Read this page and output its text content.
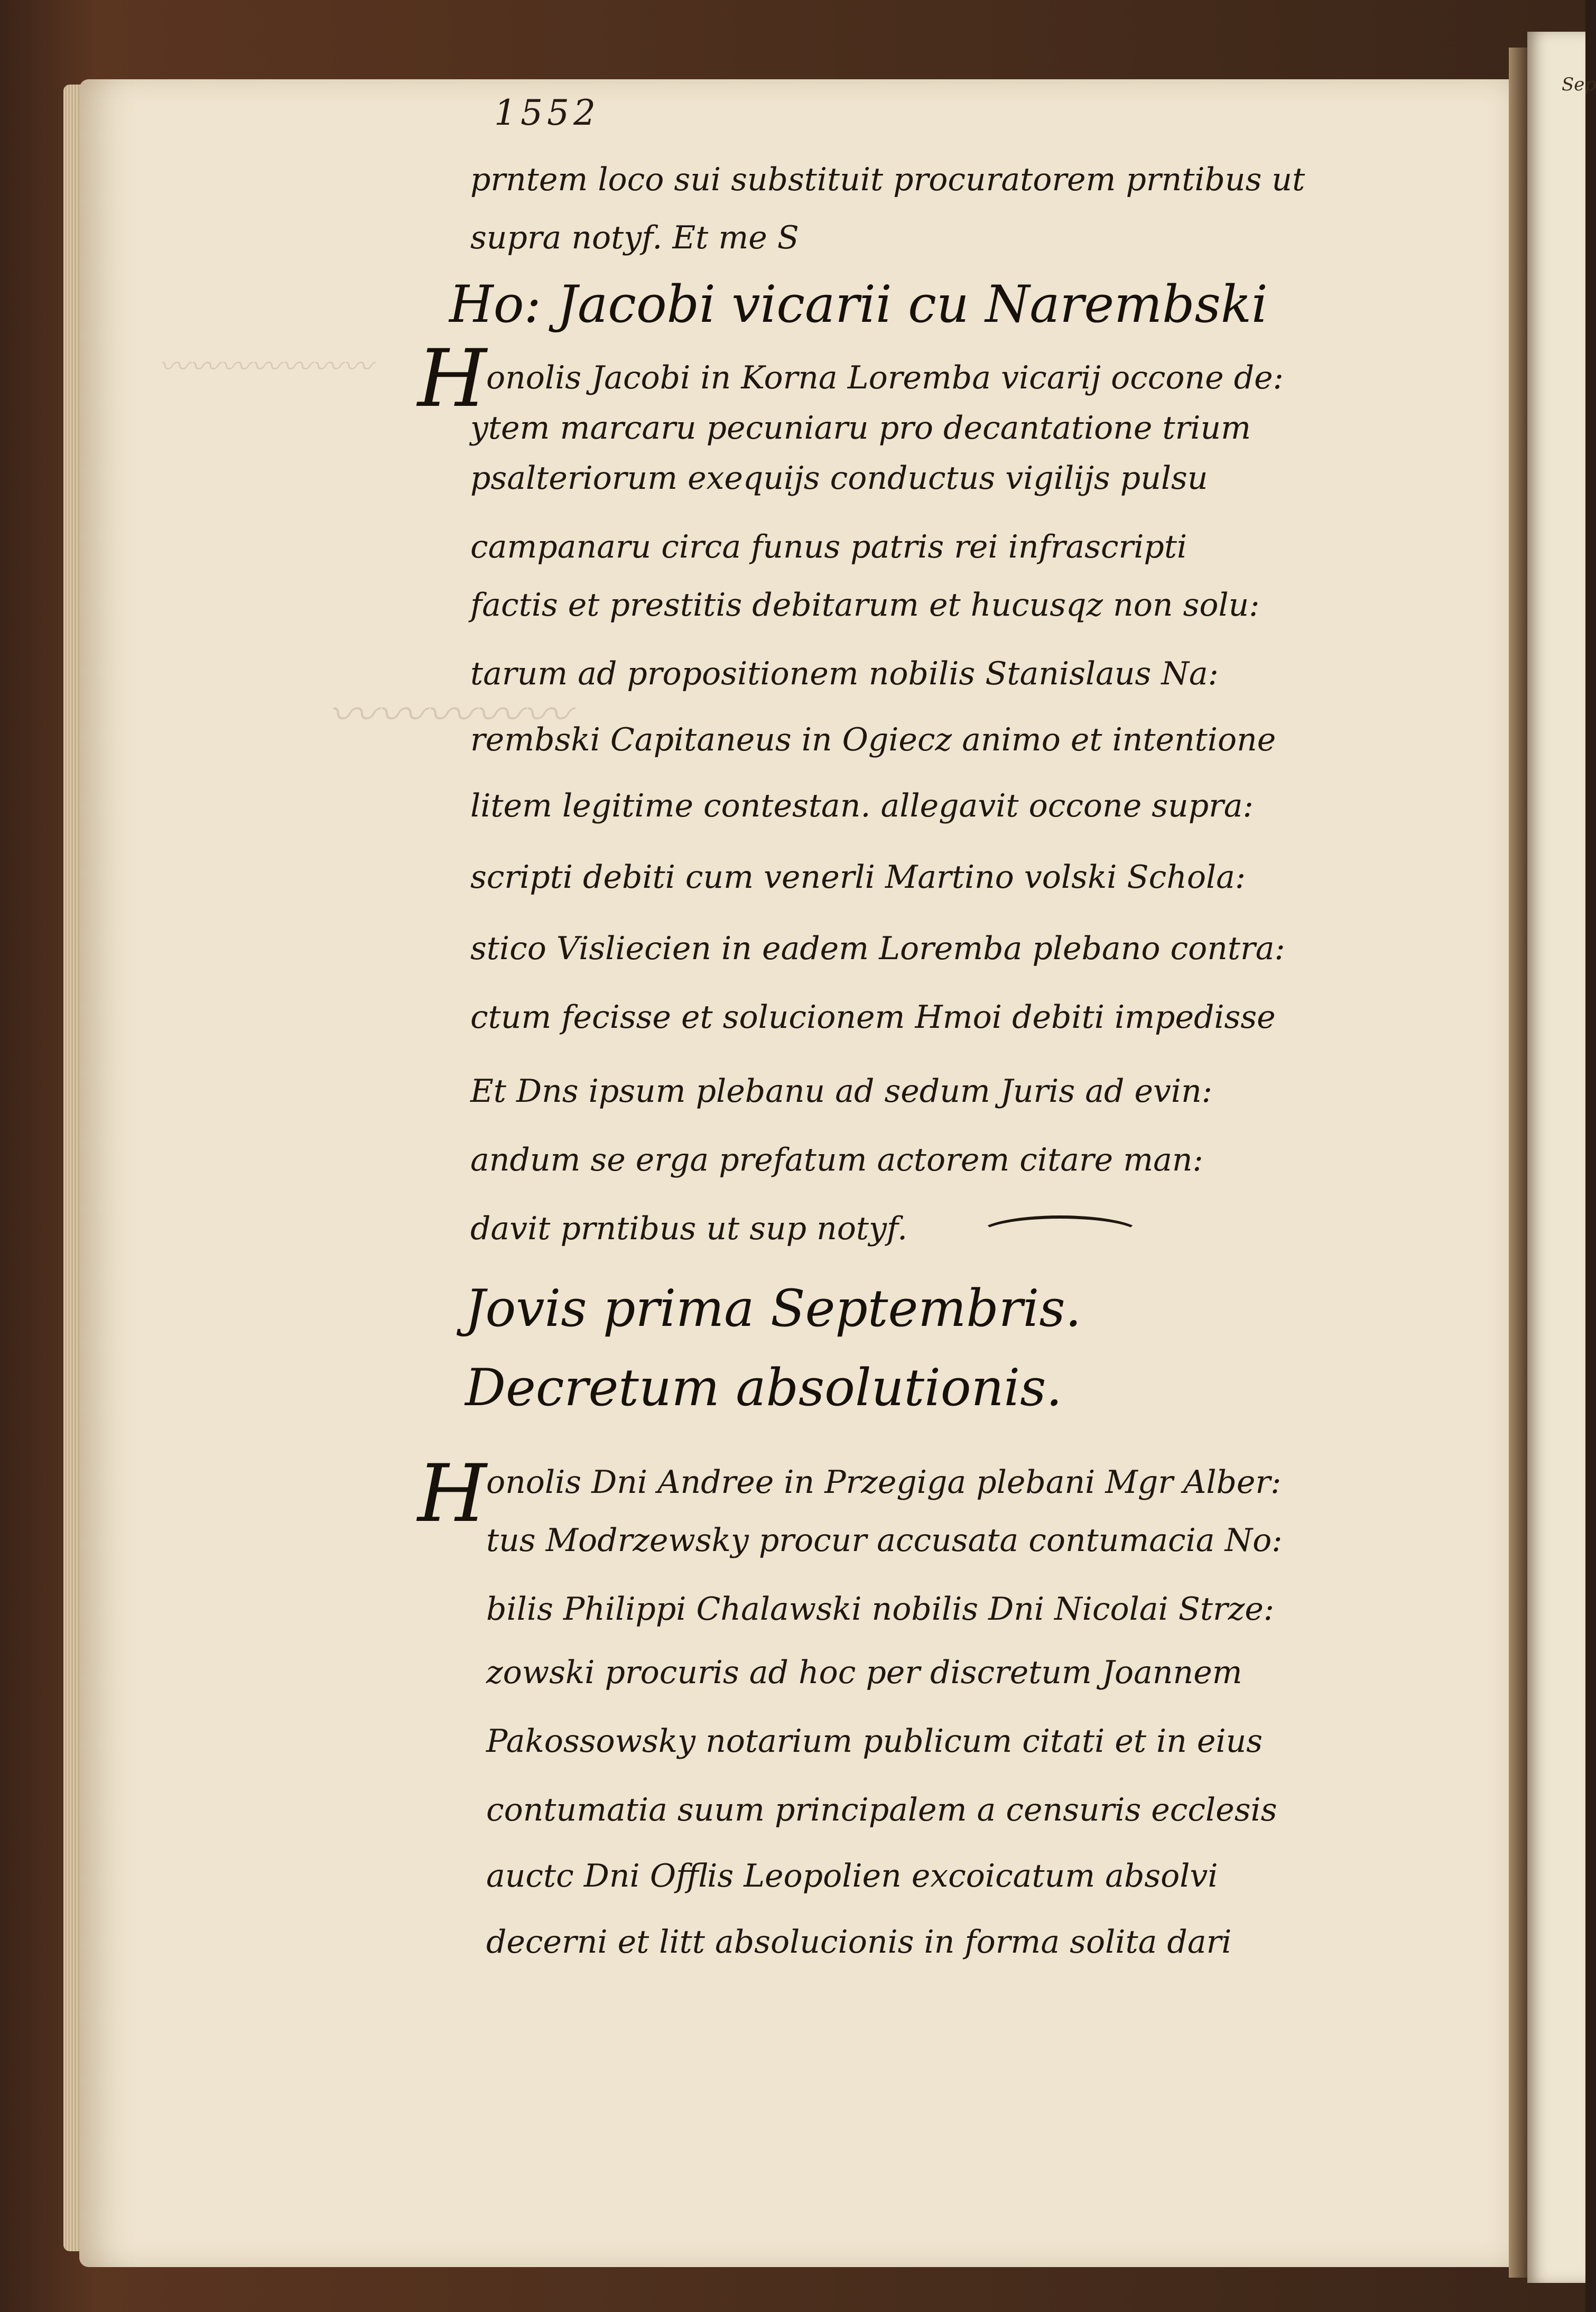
Sep
〰〰〰〰〰〰〰
〰〰〰〰〰
1552
prntem loco sui substituit procuratorem prntibus ut
supra notyf. Et me S
Ho: Jacobi vicarii cu Narembski
H onolis Jacobi in Korna Loremba vicarij occone de:
ytem marcaru pecuniaru pro decantatione trium
psalteriorum exequijs conductus vigilijs pulsu
campanaru circa funus patris rei infrascripti
factis et prestitis debitarum et hucusqz non solu:
tarum ad propositionem nobilis Stanislaus Na:
rembski Capitaneus in Ogiecz animo et intentione
litem legitime contestan. allegavit occone supra:
scripti debiti cum venerli Martino volski Schola:
stico Visliecien in eadem Loremba plebano contra:
ctum fecisse et solucionem Hmoi debiti impedisse
Et Dns ipsum plebanu ad sedum Juris ad evin:
andum se erga prefatum actorem citare man:
davit prntibus ut sup notyf.
Jovis prima Septembris.
Decretum absolutionis.
H onolis Dni Andree in Przegiga plebani Mgr Alber:
tus Modrzewsky procur accusata contumacia No:
bilis Philippi Chalawski nobilis Dni Nicolai Strze:
zowski procuris ad hoc per discretum Joannem
Pakossowsky notarium publicum citati et in eius
contumatia suum principalem a censuris ecclesis
auctc Dni Offlis Leopolien excoicatum absolvi
decerni et litt absolucionis in forma solita dari
